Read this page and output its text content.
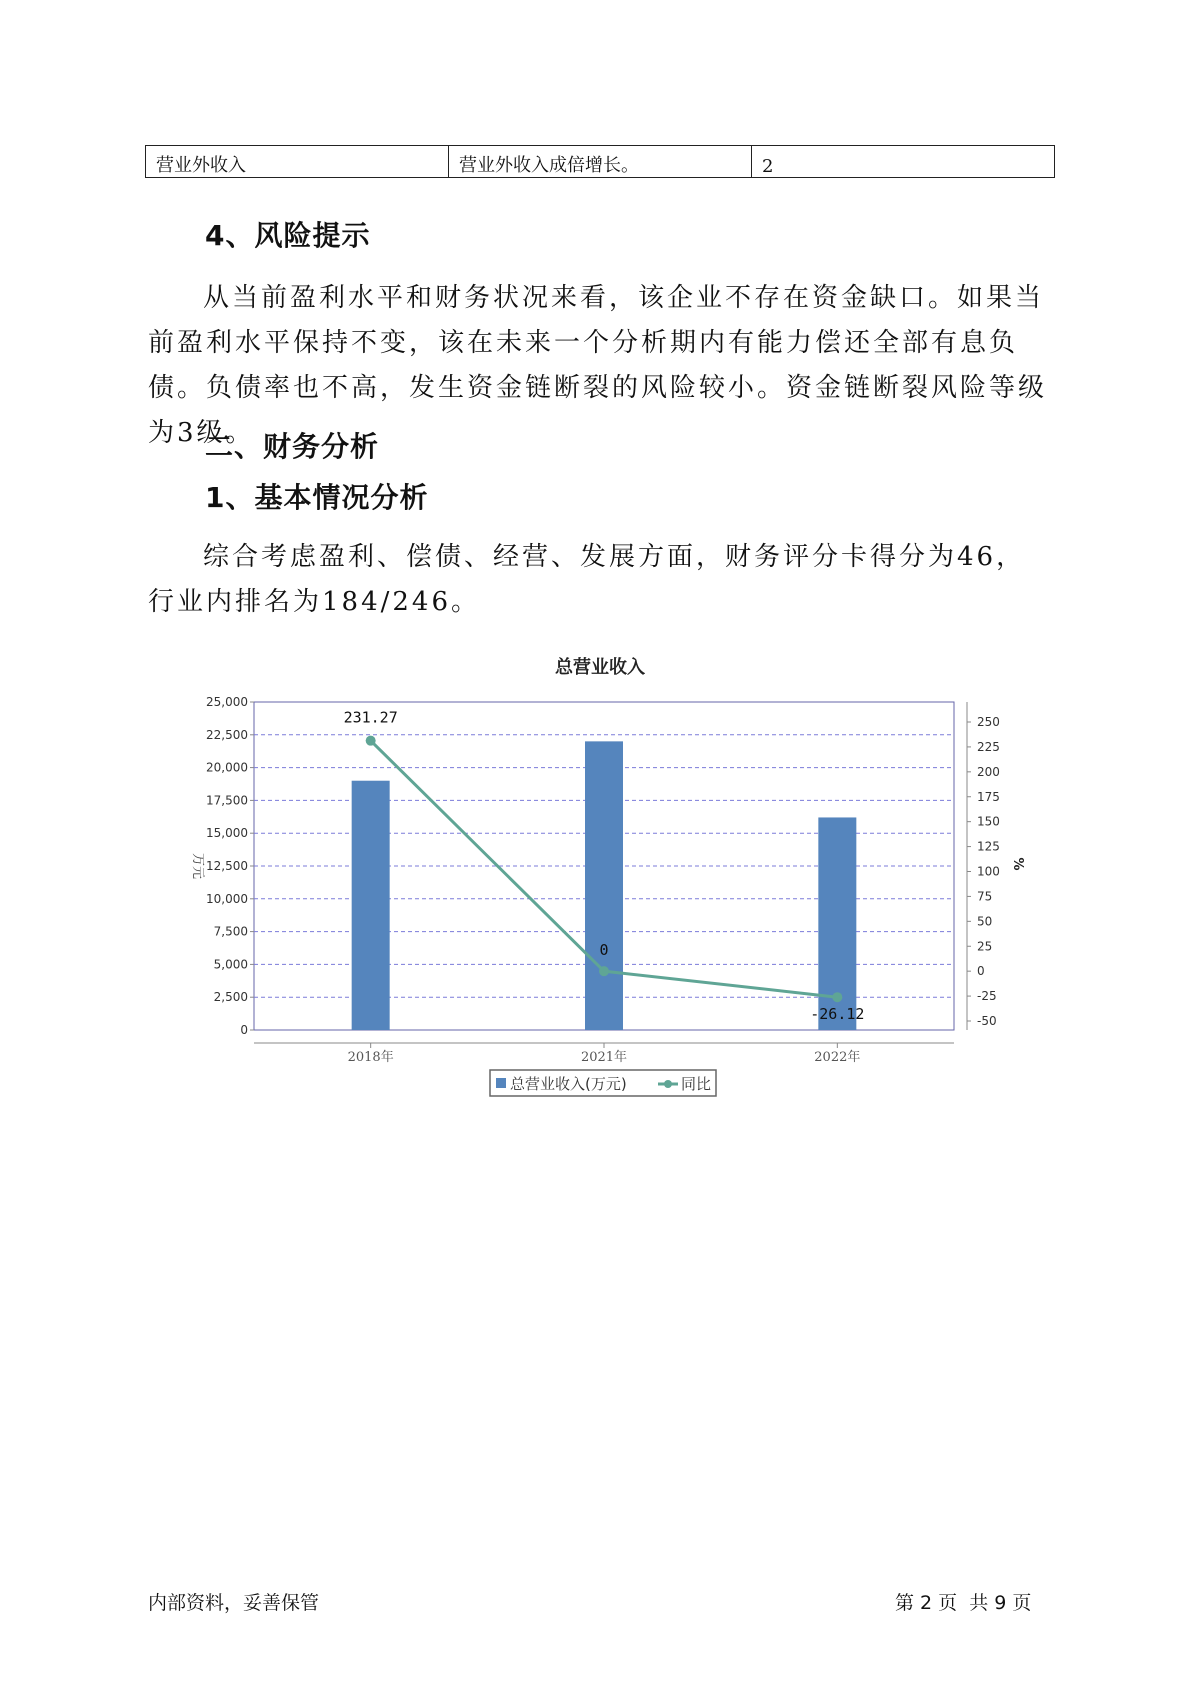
营业外收入	营业外收入成倍增长。	2
4、风险提示
从当前盈利水平和财务状况来看，该企业不存在资金缺口。如果当前盈利水平保持不变，该在未来一个分析期内有能力偿还全部有息负债。负债率也不高，发生资金链断裂的风险较小。资金链断裂风险等级为3级。
二、财务分析
1、基本情况分析
综合考虑盈利、偿债、经营、发展方面，财务评分卡得分为46，行业内排名为184/246。
总营业收入
231.27
0
-26.12
25,000
22,500
20,000
17,500
15,000
12,500
10,000
7,500
5,000
2,500
0
250
225
200
175
150
125
100
75
50
25
0
-25
-50
2018年	2021年	2022年
万元	%
总营业收入(万元)	同比
内部资料，妥善保管	第 2 页  共 9 页
